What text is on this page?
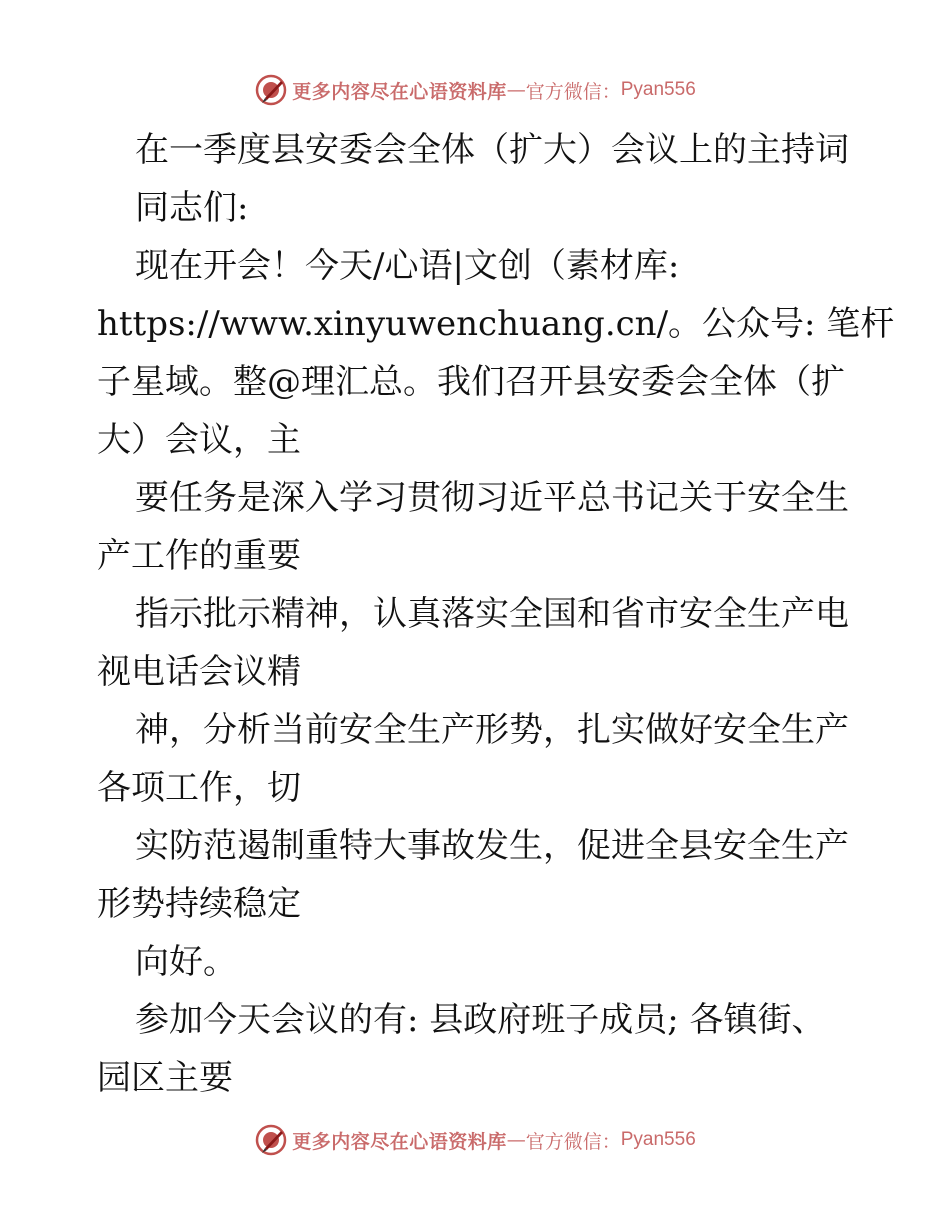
更多内容尽在心语资料库 — 官方微信： Pyan556
在一季度县安委会全体（扩大）会议上的主持词
同志们:
现在开会！今天/心语|文创（素材库:
https://www.xinyuwenchuang.cn/。公众号: 笔杆
子星域。整@理汇总。我们召开县安委会全体（扩
大）会议，主
要任务是深入学习贯彻习近平总书记关于安全生
产工作的重要
指示批示精神，认真落实全国和省市安全生产电
视电话会议精
神，分析当前安全生产形势，扎实做好安全生产
各项工作，切
实防范遏制重特大事故发生，促进全县安全生产
形势持续稳定
向好。
参加今天会议的有: 县政府班子成员; 各镇街、
园区主要
更多内容尽在心语资料库 — 官方微信： Pyan556
